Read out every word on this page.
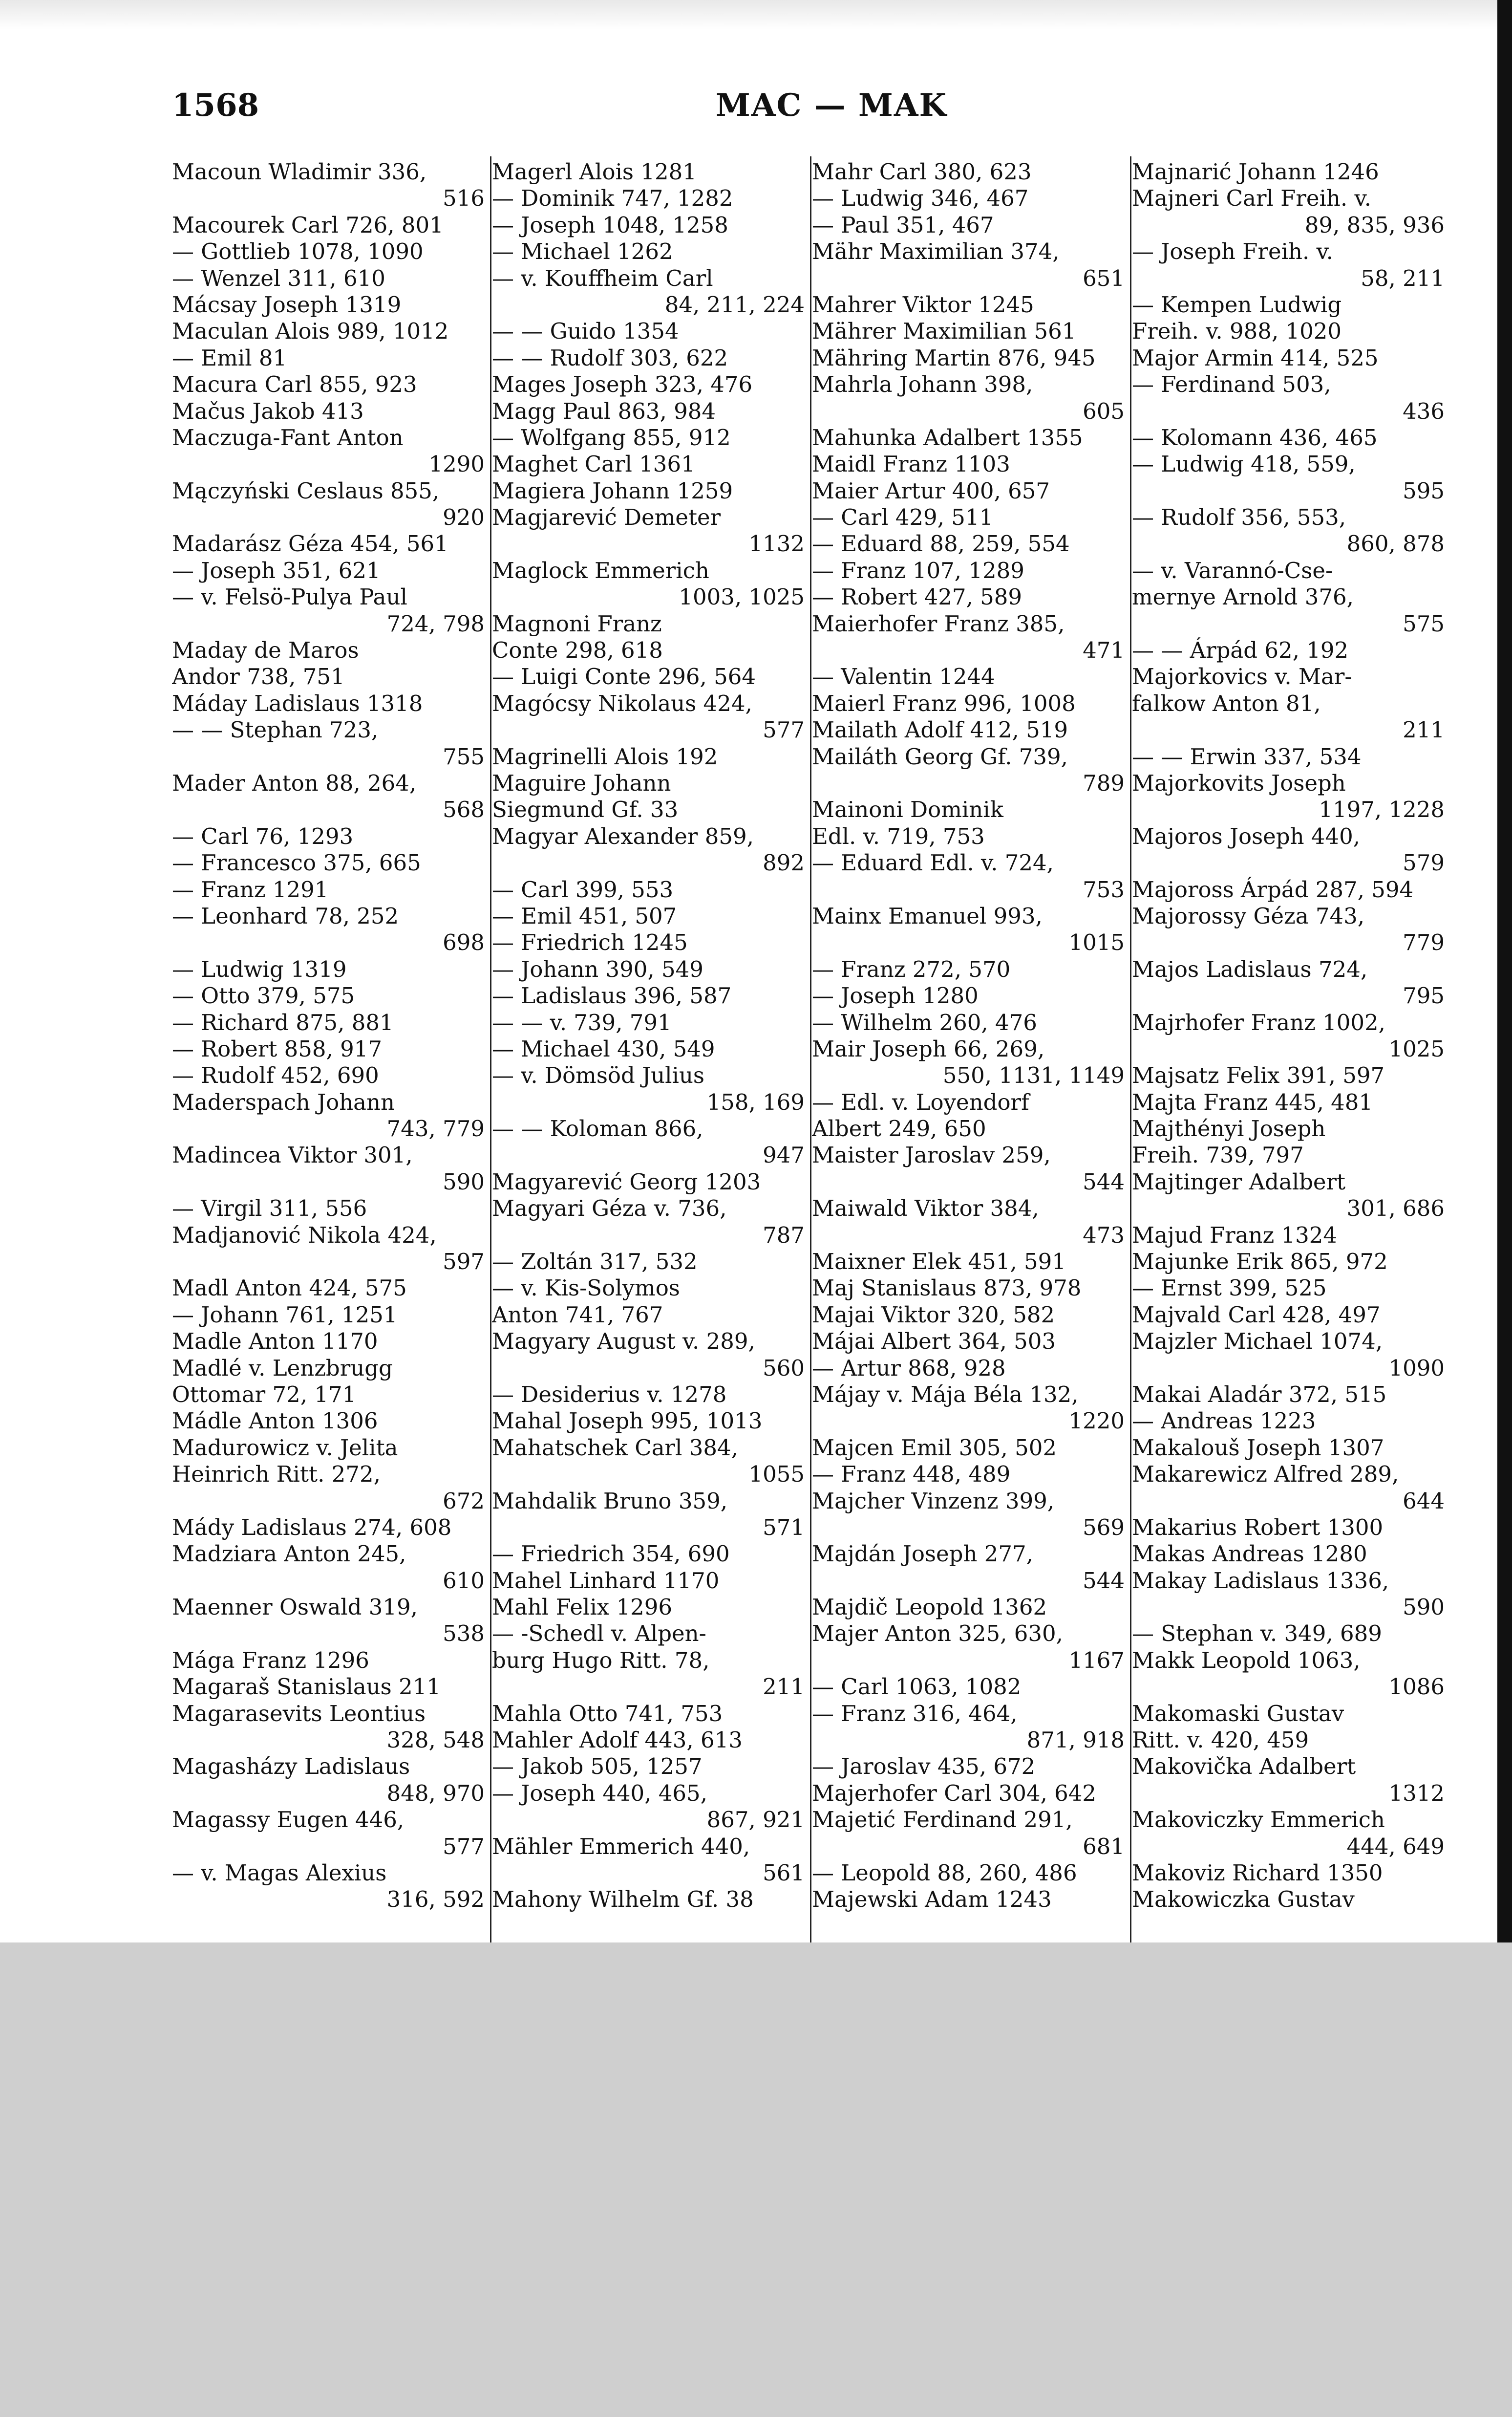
1568	MAC — MAK
Macoun Wladimir 336,
516
Macourek Carl 726, 801
— Gottlieb 1078, 1090
— Wenzel 311, 610
Mácsay Joseph 1319
Maculan Alois 989, 1012
— Emil 81
Macura Carl 855, 923
Mačus Jakob 413
Maczuga-Fant Anton
1290
Mączyński Ceslaus 855,
920
Madarász Géza 454, 561
— Joseph 351, 621
— v. Felsö-Pulya Paul
724, 798
Maday de Maros
Andor 738, 751
Máday Ladislaus 1318
— — Stephan 723,
755
Mader Anton 88, 264,
568
— Carl 76, 1293
— Francesco 375, 665
— Franz 1291
— Leonhard 78, 252
698
— Ludwig 1319
— Otto 379, 575
— Richard 875, 881
— Robert 858, 917
— Rudolf 452, 690
Maderspach Johann
743, 779
Madincea Viktor 301,
590
— Virgil 311, 556
Madjanović Nikola 424,
597
Madl Anton 424, 575
— Johann 761, 1251
Madle Anton 1170
Madlé v. Lenzbrugg
Ottomar 72, 171
Mádle Anton 1306
Madurowicz v. Jelita
Heinrich Ritt. 272,
672
Mády Ladislaus 274, 608
Madziara Anton 245,
610
Maenner Oswald 319,
538
Mága Franz 1296
Magaraš Stanislaus 211
Magarasevits Leontius
328, 548
Magasházy Ladislaus
848, 970
Magassy Eugen 446,
577
— v. Magas Alexius
316, 592
Magerl Alois 1281
— Dominik 747, 1282
— Joseph 1048, 1258
— Michael 1262
— v. Kouffheim Carl
84, 211, 224
— — Guido 1354
— — Rudolf 303, 622
Mages Joseph 323, 476
Magg Paul 863, 984
— Wolfgang 855, 912
Maghet Carl 1361
Magiera Johann 1259
Magjarević Demeter
1132
Maglock Emmerich
1003, 1025
Magnoni Franz
Conte 298, 618
— Luigi Conte 296, 564
Magócsy Nikolaus 424,
577
Magrinelli Alois 192
Maguire Johann
Siegmund Gf. 33
Magyar Alexander 859,
892
— Carl 399, 553
— Emil 451, 507
— Friedrich 1245
— Johann 390, 549
— Ladislaus 396, 587
— — v. 739, 791
— Michael 430, 549
— v. Dömsöd Julius
158, 169
— — Koloman 866,
947
Magyarević Georg 1203
Magyari Géza v. 736,
787
— Zoltán 317, 532
— v. Kis-Solymos
Anton 741, 767
Magyary August v. 289,
560
— Desiderius v. 1278
Mahal Joseph 995, 1013
Mahatschek Carl 384,
1055
Mahdalik Bruno 359,
571
— Friedrich 354, 690
Mahel Linhard 1170
Mahl Felix 1296
— -Schedl v. Alpen-
burg Hugo Ritt. 78,
211
Mahla Otto 741, 753
Mahler Adolf 443, 613
— Jakob 505, 1257
— Joseph 440, 465,
867, 921
Mähler Emmerich 440,
561
Mahony Wilhelm Gf. 38
Mahr Carl 380, 623
— Ludwig 346, 467
— Paul 351, 467
Mähr Maximilian 374,
651
Mahrer Viktor 1245
Mährer Maximilian 561
Mähring Martin 876, 945
Mahrla Johann 398,
605
Mahunka Adalbert 1355
Maidl Franz 1103
Maier Artur 400, 657
— Carl 429, 511
— Eduard 88, 259, 554
— Franz 107, 1289
— Robert 427, 589
Maierhofer Franz 385,
471
— Valentin 1244
Maierl Franz 996, 1008
Mailath Adolf 412, 519
Mailáth Georg Gf. 739,
789
Mainoni Dominik
Edl. v. 719, 753
— Eduard Edl. v. 724,
753
Mainx Emanuel 993,
1015
— Franz 272, 570
— Joseph 1280
— Wilhelm 260, 476
Mair Joseph 66, 269,
550, 1131, 1149
— Edl. v. Loyendorf
Albert 249, 650
Maister Jaroslav 259,
544
Maiwald Viktor 384,
473
Maixner Elek 451, 591
Maj Stanislaus 873, 978
Majai Viktor 320, 582
Májai Albert 364, 503
— Artur 868, 928
Májay v. Mája Béla 132,
1220
Majcen Emil 305, 502
— Franz 448, 489
Majcher Vinzenz 399,
569
Majdán Joseph 277,
544
Majdič Leopold 1362
Majer Anton 325, 630,
1167
— Carl 1063, 1082
— Franz 316, 464,
871, 918
— Jaroslav 435, 672
Majerhofer Carl 304, 642
Majetić Ferdinand 291,
681
— Leopold 88, 260, 486
Majewski Adam 1243
Majnarić Johann 1246
Majneri Carl Freih. v.
89, 835, 936
— Joseph Freih. v.
58, 211
— Kempen Ludwig
Freih. v. 988, 1020
Major Armin 414, 525
— Ferdinand 503,
436
— Kolomann 436, 465
— Ludwig 418, 559,
595
— Rudolf 356, 553,
860, 878
— v. Varannó-Cse-
mernye Arnold 376,
575
— — Árpád 62, 192
Majorkovics v. Mar-
falkow Anton 81,
211
— — Erwin 337, 534
Majorkovits Joseph
1197, 1228
Majoros Joseph 440,
579
Majoross Árpád 287, 594
Majorossy Géza 743,
779
Majos Ladislaus 724,
795
Majrhofer Franz 1002,
1025
Majsatz Felix 391, 597
Majta Franz 445, 481
Majthényi Joseph
Freih. 739, 797
Majtinger Adalbert
301, 686
Majud Franz 1324
Majunke Erik 865, 972
— Ernst 399, 525
Majvald Carl 428, 497
Majzler Michael 1074,
1090
Makai Aladár 372, 515
— Andreas 1223
Makalouš Joseph 1307
Makarewicz Alfred 289,
644
Makarius Robert 1300
Makas Andreas 1280
Makay Ladislaus 1336,
590
— Stephan v. 349, 689
Makk Leopold 1063,
1086
Makomaski Gustav
Ritt. v. 420, 459
Makovička Adalbert
1312
Makoviczky Emmerich
444, 649
Makoviz Richard 1350
Makowiczka Gustav
